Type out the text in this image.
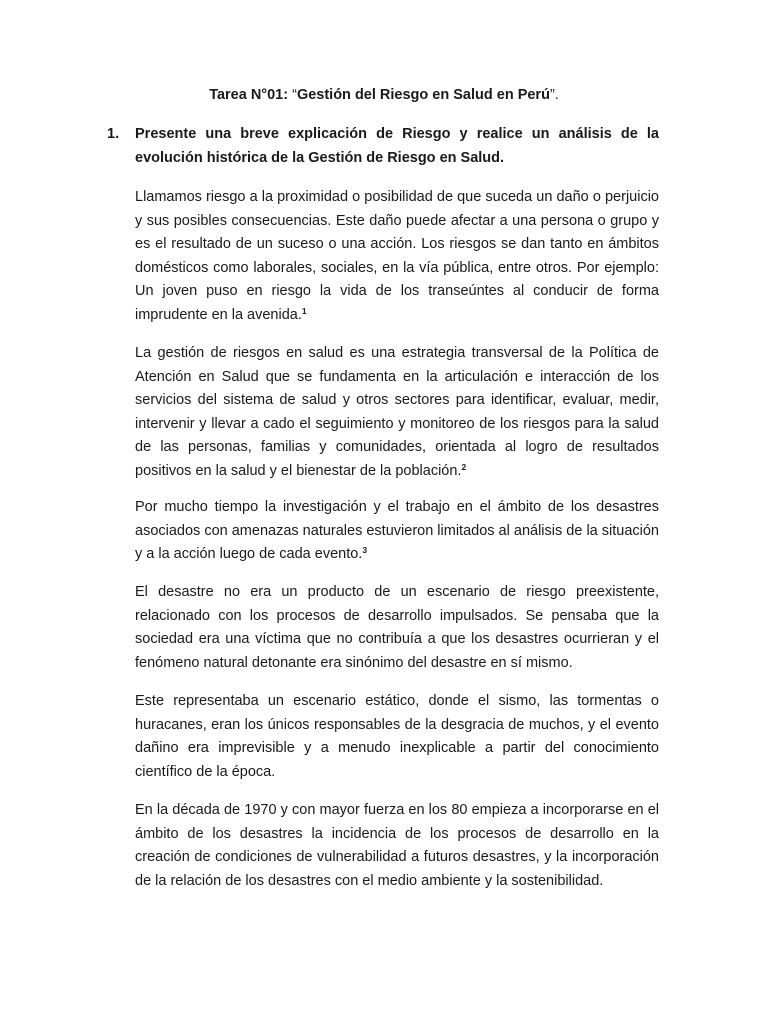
Tarea N°01: “Gestión del Riesgo en Salud en Perú”.
1. Presente una breve explicación de Riesgo y realice un análisis de la evolución histórica de la Gestión de Riesgo en Salud.

Llamamos riesgo a la proximidad o posibilidad de que suceda un daño o perjuicio y sus posibles consecuencias. Este daño puede afectar a una persona o grupo y es el resultado de un suceso o una acción. Los riesgos se dan tanto en ámbitos domésticos como laborales, sociales, en la vía pública, entre otros. Por ejemplo: Un joven puso en riesgo la vida de los transeúntes al conducir de forma imprudente en la avenida.$^1$

La gestión de riesgos en salud es una estrategia transversal de la Política de Atención en Salud que se fundamenta en la articulación e interacción de los servicios del sistema de salud y otros sectores para identificar, evaluar, medir, intervenir y llevar a cado el seguimiento y monitoreo de los riesgos para la salud de las personas, familias y comunidades, orientada al logro de resultados positivos en la salud y el bienestar de la población.$^2$

Por mucho tiempo la investigación y el trabajo en el ámbito de los desastres asociados con amenazas naturales estuvieron limitados al análisis de la situación y a la acción luego de cada evento.$^3$

El desastre no era un producto de un escenario de riesgo preexistente, relacionado con los procesos de desarrollo impulsados. Se pensaba que la sociedad era una víctima que no contribuía a que los desastres ocurrieran y el fenómeno natural detonante era sinónimo del desastre en sí mismo.

Este representaba un escenario estático, donde el sismo, las tormentas o huracanes, eran los únicos responsables de la desgracia de muchos, y el evento dañino era imprevisible y a menudo inexplicable a partir del conocimiento científico de la época.

En la década de 1970 y con mayor fuerza en los 80 empieza a incorporarse en el ámbito de los desastres la incidencia de los procesos de desarrollo en la creación de condiciones de vulnerabilidad a futuros desastres, y la incorporación de la relación de los desastres con el medio ambiente y la sostenibilidad.
